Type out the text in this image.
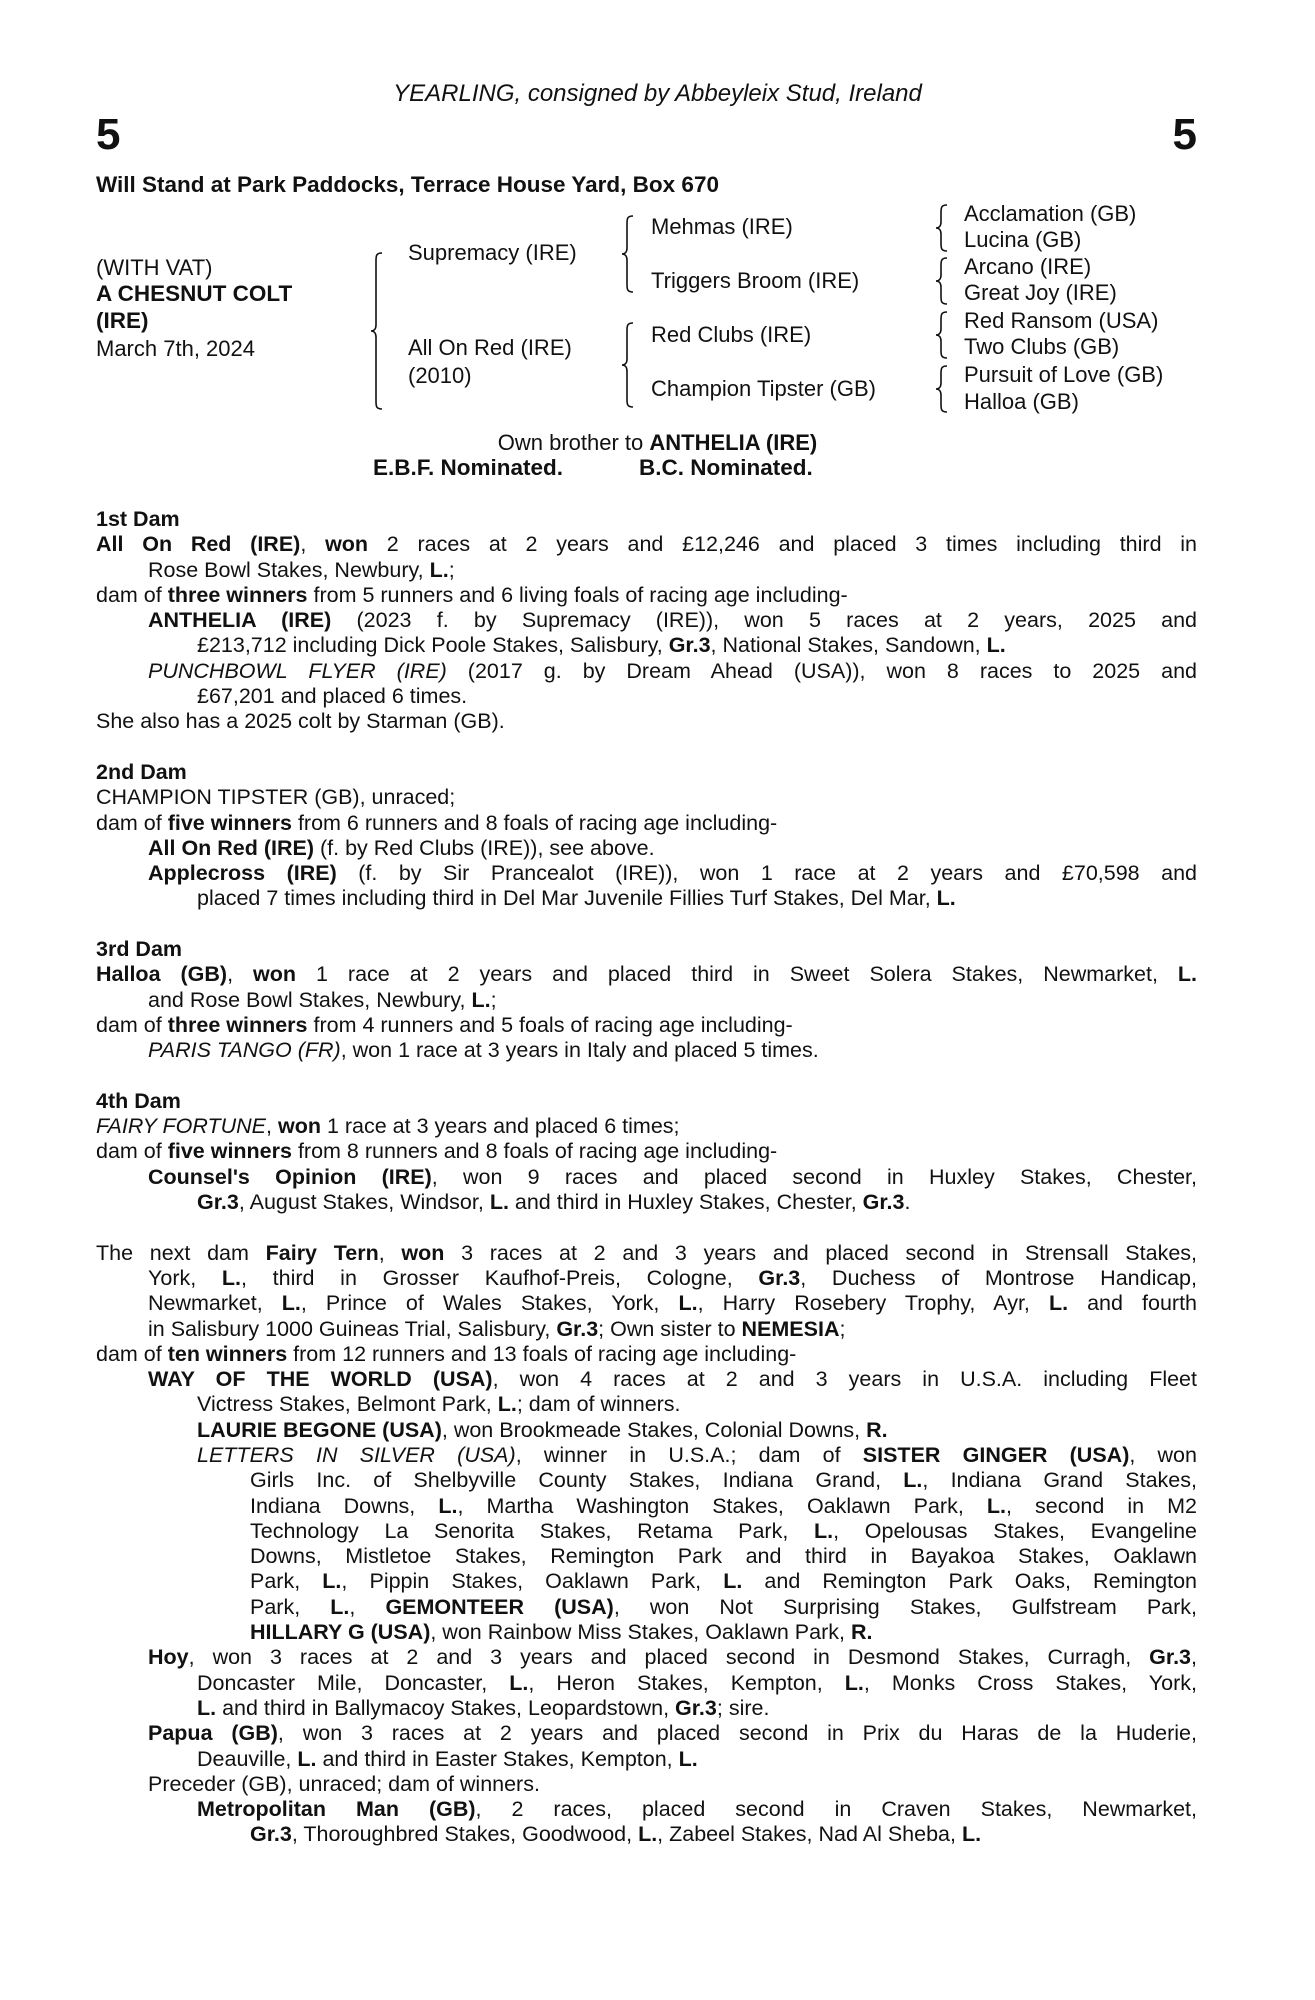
YEARLING, consigned by Abbeyleix Stud, Ireland
5	5
Will Stand at Park Paddocks, Terrace House Yard, Box 670
(WITH VAT)
A CHESNUT COLT
(IRE)
March 7th, 2024
Supremacy (IRE)
All On Red (IRE)
(2010)
Mehmas (IRE)
Triggers Broom (IRE)
Red Clubs (IRE)
Champion Tipster (GB)
Acclamation (GB)
Lucina (GB)
Arcano (IRE)
Great Joy (IRE)
Red Ransom (USA)
Two Clubs (GB)
Pursuit of Love (GB)
Halloa (GB)
Own brother to ANTHELIA (IRE)
E.B.F. Nominated.	B.C. Nominated.
1st Dam
All On Red (IRE), won 2 races at 2 years and £12,246 and placed 3 times including third in
Rose Bowl Stakes, Newbury, L.;
dam of three winners from 5 runners and 6 living foals of racing age including-
ANTHELIA (IRE) (2023 f. by Supremacy (IRE)), won 5 races at 2 years, 2025 and
£213,712 including Dick Poole Stakes, Salisbury, Gr.3, National Stakes, Sandown, L.
PUNCHBOWL FLYER (IRE) (2017 g. by Dream Ahead (USA)), won 8 races to 2025 and
£67,201 and placed 6 times.
She also has a 2025 colt by Starman (GB).
2nd Dam
CHAMPION TIPSTER (GB), unraced;
dam of five winners from 6 runners and 8 foals of racing age including-
All On Red (IRE) (f. by Red Clubs (IRE)), see above.
Applecross (IRE) (f. by Sir Prancealot (IRE)), won 1 race at 2 years and £70,598 and
placed 7 times including third in Del Mar Juvenile Fillies Turf Stakes, Del Mar, L.
3rd Dam
Halloa (GB), won 1 race at 2 years and placed third in Sweet Solera Stakes, Newmarket, L.
and Rose Bowl Stakes, Newbury, L.;
dam of three winners from 4 runners and 5 foals of racing age including-
PARIS TANGO (FR), won 1 race at 3 years in Italy and placed 5 times.
4th Dam
FAIRY FORTUNE, won 1 race at 3 years and placed 6 times;
dam of five winners from 8 runners and 8 foals of racing age including-
Counsel's Opinion (IRE), won 9 races and placed second in Huxley Stakes, Chester,
Gr.3, August Stakes, Windsor, L. and third in Huxley Stakes, Chester, Gr.3.
The next dam Fairy Tern, won 3 races at 2 and 3 years and placed second in Strensall Stakes,
York, L., third in Grosser Kaufhof-Preis, Cologne, Gr.3, Duchess of Montrose Handicap,
Newmarket, L., Prince of Wales Stakes, York, L., Harry Rosebery Trophy, Ayr, L. and fourth
in Salisbury 1000 Guineas Trial, Salisbury, Gr.3; Own sister to NEMESIA;
dam of ten winners from 12 runners and 13 foals of racing age including-
WAY OF THE WORLD (USA), won 4 races at 2 and 3 years in U.S.A. including Fleet
Victress Stakes, Belmont Park, L.; dam of winners.
LAURIE BEGONE (USA), won Brookmeade Stakes, Colonial Downs, R.
LETTERS IN SILVER (USA), winner in U.S.A.; dam of SISTER GINGER (USA), won
Girls Inc. of Shelbyville County Stakes, Indiana Grand, L., Indiana Grand Stakes,
Indiana Downs, L., Martha Washington Stakes, Oaklawn Park, L., second in M2
Technology La Senorita Stakes, Retama Park, L., Opelousas Stakes, Evangeline
Downs, Mistletoe Stakes, Remington Park and third in Bayakoa Stakes, Oaklawn
Park, L., Pippin Stakes, Oaklawn Park, L. and Remington Park Oaks, Remington
Park, L., GEMONTEER (USA), won Not Surprising Stakes, Gulfstream Park,
HILLARY G (USA), won Rainbow Miss Stakes, Oaklawn Park, R.
Hoy, won 3 races at 2 and 3 years and placed second in Desmond Stakes, Curragh, Gr.3,
Doncaster Mile, Doncaster, L., Heron Stakes, Kempton, L., Monks Cross Stakes, York,
L. and third in Ballymacoy Stakes, Leopardstown, Gr.3; sire.
Papua (GB), won 3 races at 2 years and placed second in Prix du Haras de la Huderie,
Deauville, L. and third in Easter Stakes, Kempton, L.
Preceder (GB), unraced; dam of winners.
Metropolitan Man (GB), 2 races, placed second in Craven Stakes, Newmarket,
Gr.3, Thoroughbred Stakes, Goodwood, L., Zabeel Stakes, Nad Al Sheba, L.
